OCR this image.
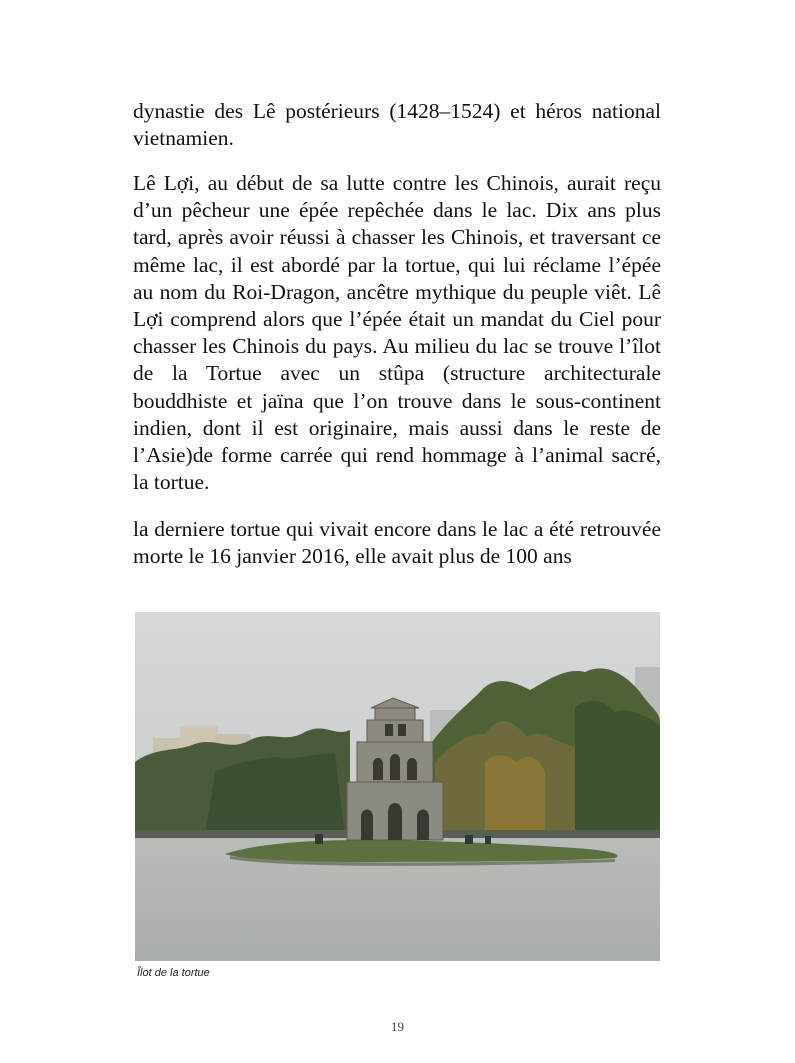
dynastie des Lê postérieurs (1428–1524) et héros national vietnamien.

Lê Lợi, au début de sa lutte contre les Chinois, aurait reçu d’un pêcheur une épée repêchée dans le lac. Dix ans plus tard, après avoir réussi à chasser les Chinois, et traversant ce même lac, il est abordé par la tortue, qui lui réclame l’épée au nom du Roi-Dragon, ancêtre mythique du peuple viêt. Lê Lợi comprend alors que l’épée était un mandat du Ciel pour chasser les Chinois du pays. Au milieu du lac se trouve l’îlot de la Tortue avec un stûpa (structure architecturale bouddhiste et jaïna que l’on trouve dans le sous-continent indien, dont il est originaire, mais aussi dans le reste de l’Asie)de forme carrée qui rend hommage à l’animal sacré, la tortue.

la derniere tortue qui vivait encore dans le lac a été retrouvée morte le 16 janvier 2016, elle avait plus de 100 ans

Îlot de la tortue
19
